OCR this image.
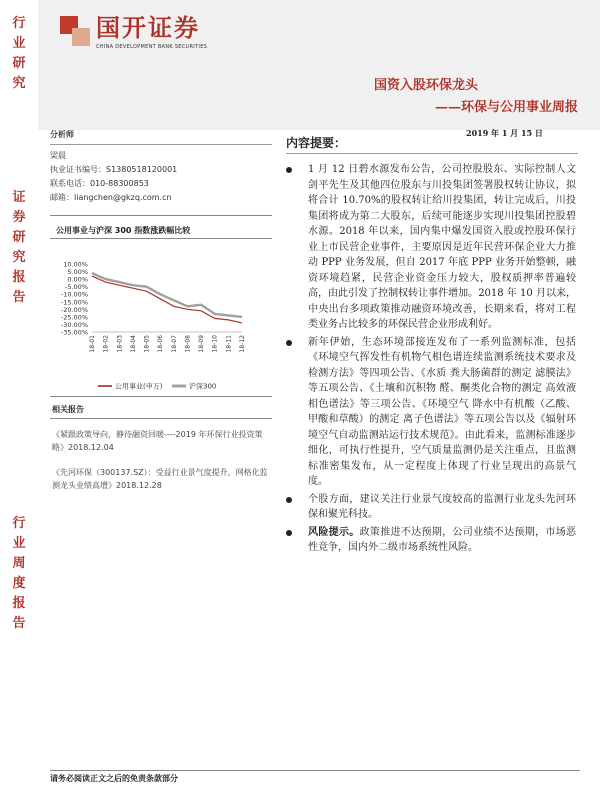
行
业
研
究
证
券
研
究
报
告
行
业
周
度
报
告
国开证券
CHINA DEVELOPMENT BANK SECURITIES
国资入股环保龙头
——环保与公用事业周报
分析师
梁晨
执业证书编号：S1380518120001
联系电话：010-88300853
邮箱：liangchen@gkzq.com.cn
公用事业与沪深 300 指数涨跌幅比较
10.00%
5.00%
0.00%
-5.00%
-10.00%
-15.00%
-20.00%
-25.00%
-30.00%
-35.00%
18-01 18-02 18-03 18-04 18-05 18-06 18-07 18-08 18-09 18-10 18-11 18-12
公用事业(申万)	沪深300
相关报告
《紧跟政策导向，静待融资回暖----2019 年环保行业投资策略》2018.12.04
《先河环保（300137.SZ）：受益行业景气度提升，网格化监测龙头业绩高增》2018.12.28
2019 年 1 月 15 日
内容提要：
1 月 12 日碧水源发布公告，公司控股股东、实际控制人文剑平先生及其他四位股东与川投集团签署股权转让协议，拟将合计 10.70%的股权转让给川投集团，转让完成后，川投集团将成为第二大股东，后续可能逐步实现川投集团控股碧水源。2018 年以来，国内集中爆发国资入股或控股环保行业上市民营企业事件，主要原因是近年民营环保企业大力推动 PPP 业务发展，但自 2017 年底 PPP 业务开始整顿，融资环境趋紧，民营企业资金压力较大，股权质押率普遍较高，由此引发了控制权转让事件增加。2018 年 10 月以来，中央出台多项政策推动融资环境改善，长期来看，将对工程类业务占比较多的环保民营企业形成利好。
新年伊始，生态环境部接连发布了一系列监测标准，包括《环境空气挥发性有机物气相色谱连续监测系统技术要求及检测方法》等四项公告、《水质 粪大肠菌群的测定 滤膜法》等五项公告、《土壤和沉积物 醛、酮类化合物的测定 高效液相色谱法》等三项公告、《环境空气 降水中有机酸（乙酸、甲酸和草酸）的测定 离子色谱法》等五项公告以及《辐射环境空气自动监测站运行技术规范》。由此看来，监测标准逐步细化，可执行性提升，空气质量监测仍是关注重点，且监测标准密集发布，从一定程度上体现了行业呈现出的高景气度。
个股方面，建议关注行业景气度较高的监测行业龙头先河环保和聚光科技。
风险提示。政策推进不达预期，公司业绩不达预期，市场恶性竞争，国内外二级市场系统性风险。
请务必阅读正文之后的免责条款部分
